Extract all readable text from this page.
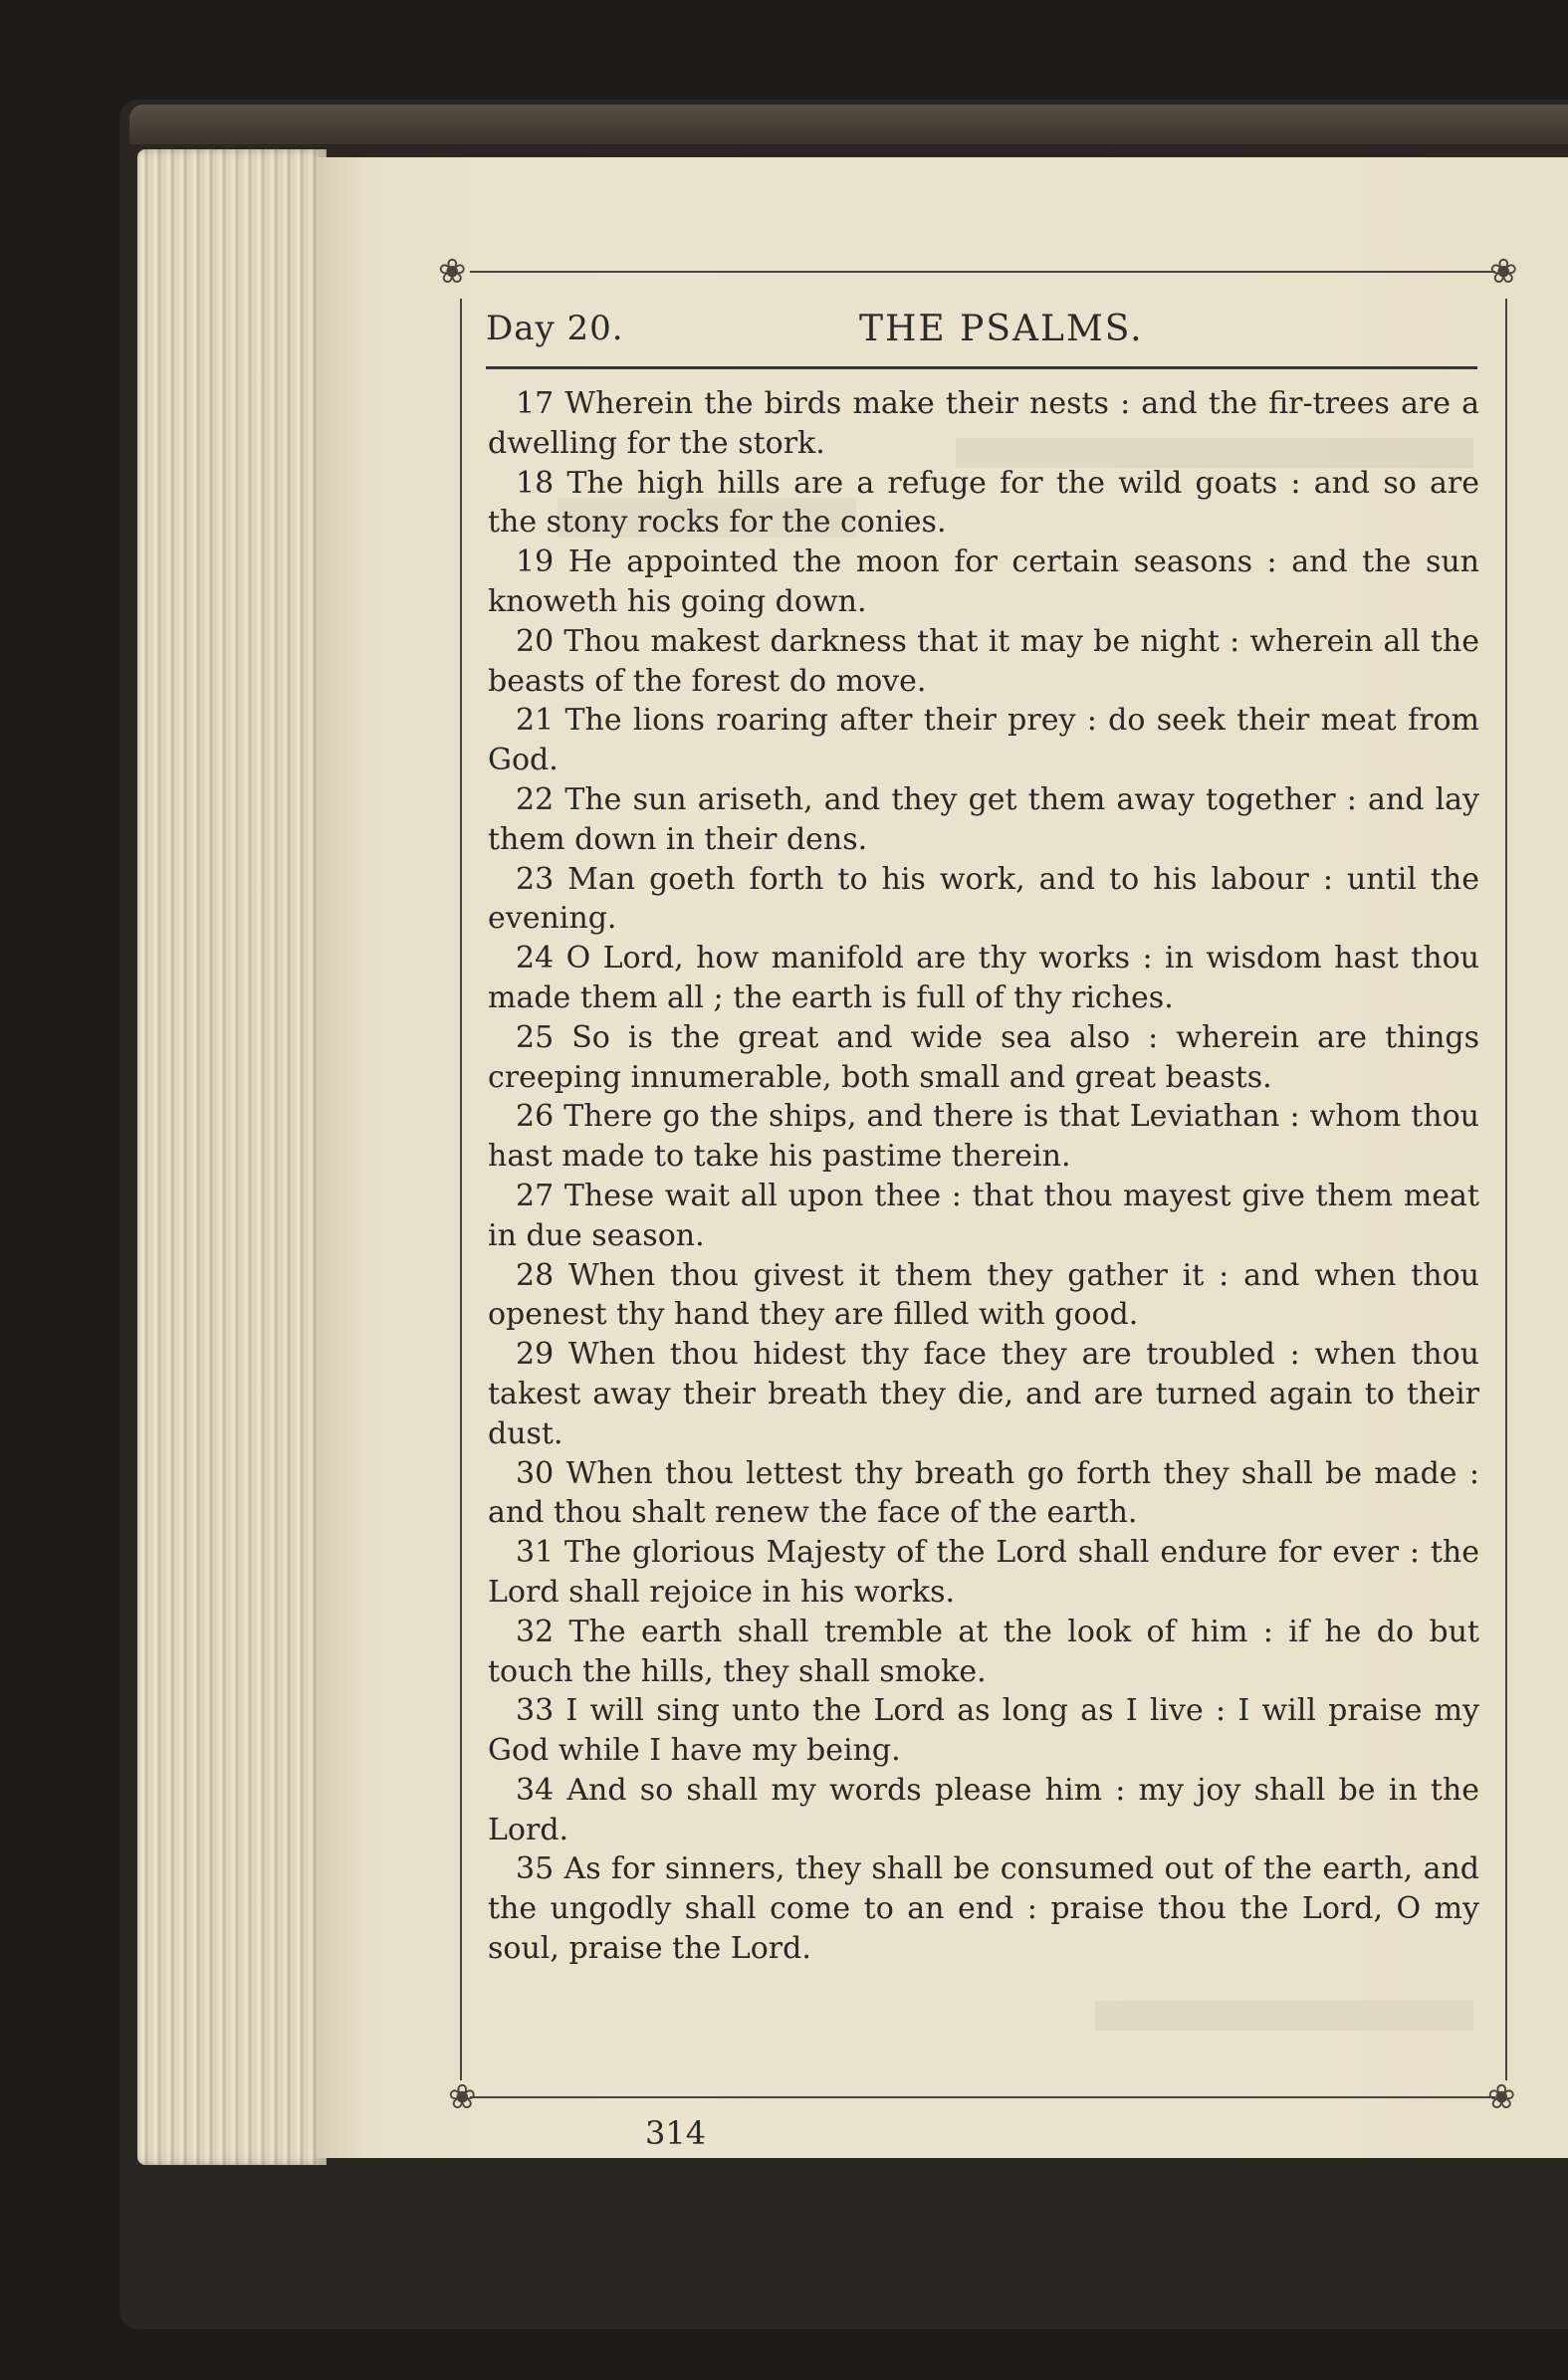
❀	❀
❀	❀
Day 20.	THE PSALMS.

17 Wherein the birds make their nests : and the fir-trees are a dwelling for the stork.

18 The high hills are a refuge for the wild goats : and so are the stony rocks for the conies.

19 He appointed the moon for certain seasons : and the sun knoweth his going down.

20 Thou makest darkness that it may be night : wherein all the beasts of the forest do move.

21 The lions roaring after their prey : do seek their meat from God.

22 The sun ariseth, and they get them away together : and lay them down in their dens.

23 Man goeth forth to his work, and to his labour : until the evening.

24 O Lord, how manifold are thy works : in wisdom hast thou made them all ; the earth is full of thy riches.

25 So is the great and wide sea also : wherein are things creeping innumerable, both small and great beasts.

26 There go the ships, and there is that Leviathan : whom thou hast made to take his pastime therein.

27 These wait all upon thee : that thou mayest give them meat in due season.

28 When thou givest it them they gather it : and when thou openest thy hand they are filled with good.

29 When thou hidest thy face they are troubled : when thou takest away their breath they die, and are turned again to their dust.

30 When thou lettest thy breath go forth they shall be made : and thou shalt renew the face of the earth.

31 The glorious Majesty of the Lord shall endure for ever : the Lord shall rejoice in his works.

32 The earth shall tremble at the look of him : if he do but touch the hills, they shall smoke.

33 I will sing unto the Lord as long as I live : I will praise my God while I have my being.

34 And so shall my words please him : my joy shall be in the Lord.

35 As for sinners, they shall be consumed out of the earth, and the ungodly shall come to an end : praise thou the Lord, O my soul, praise the Lord.

314
